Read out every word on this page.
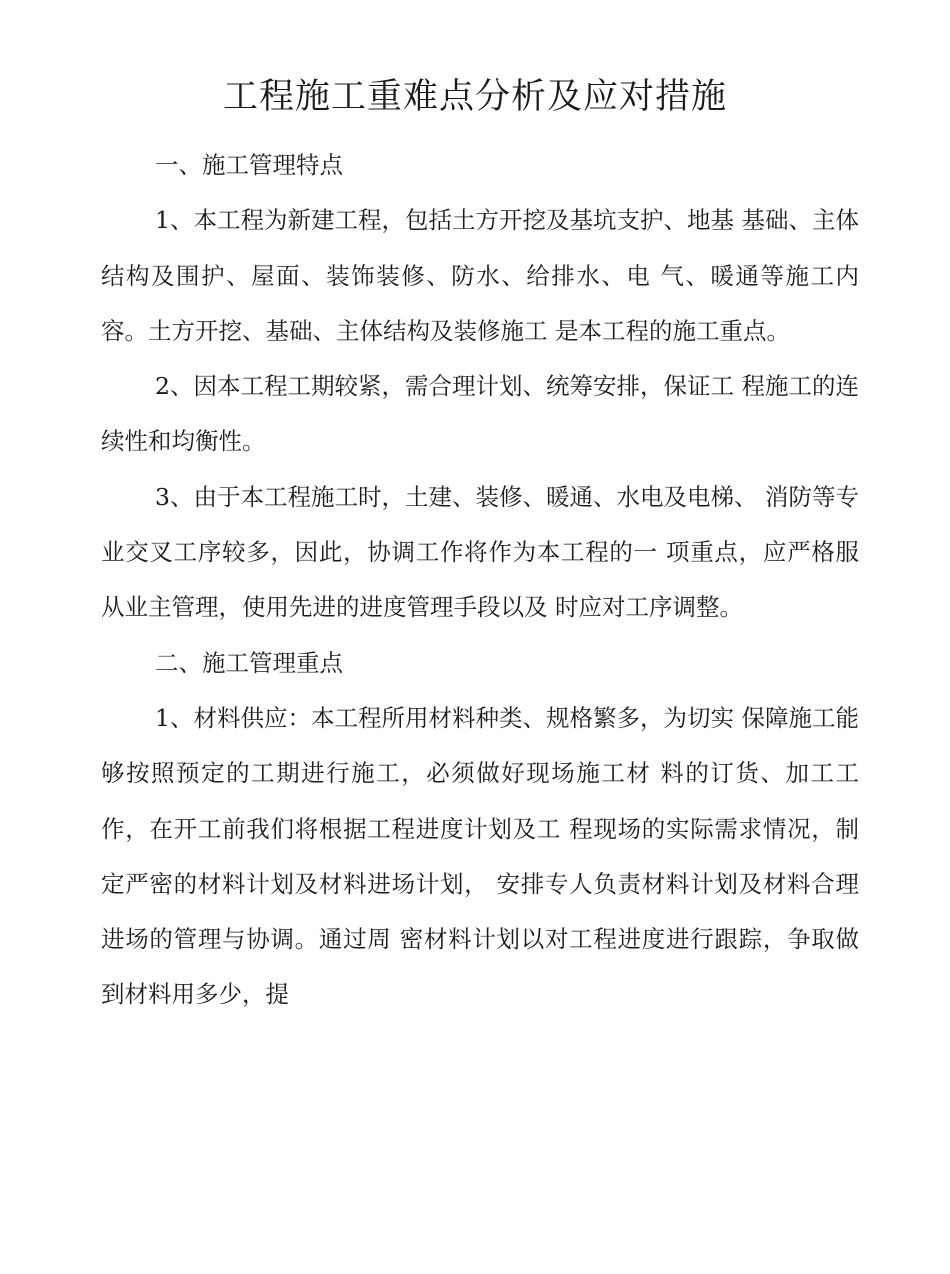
工程施工重难点分析及应对措施

一、施工管理特点

1、本工程为新建工程，包括土方开挖及基坑支护、地基 基础、主体结构及围护、屋面、装饰装修、防水、给排水、电 气、暖通等施工内容。土方开挖、基础、主体结构及装修施工 是本工程的施工重点。

2、因本工程工期较紧，需合理计划、统筹安排，保证工 程施工的连续性和均衡性。

3、由于本工程施工时，土建、装修、暖通、水电及电梯、 消防等专业交叉工序较多，因此，协调工作将作为本工程的一 项重点，应严格服从业主管理，使用先进的进度管理手段以及 时应对工序调整。

二、施工管理重点

1、材料供应：本工程所用材料种类、规格繁多，为切实 保障施工能够按照预定的工期进行施工，必须做好现场施工材 料的订货、加工工作，在开工前我们将根据工程进度计划及工 程现场的实际需求情况，制定严密的材料计划及材料进场计划， 安排专人负责材料计划及材料合理进场的管理与协调。通过周 密材料计划以对工程进度进行跟踪，争取做到材料用多少，提
